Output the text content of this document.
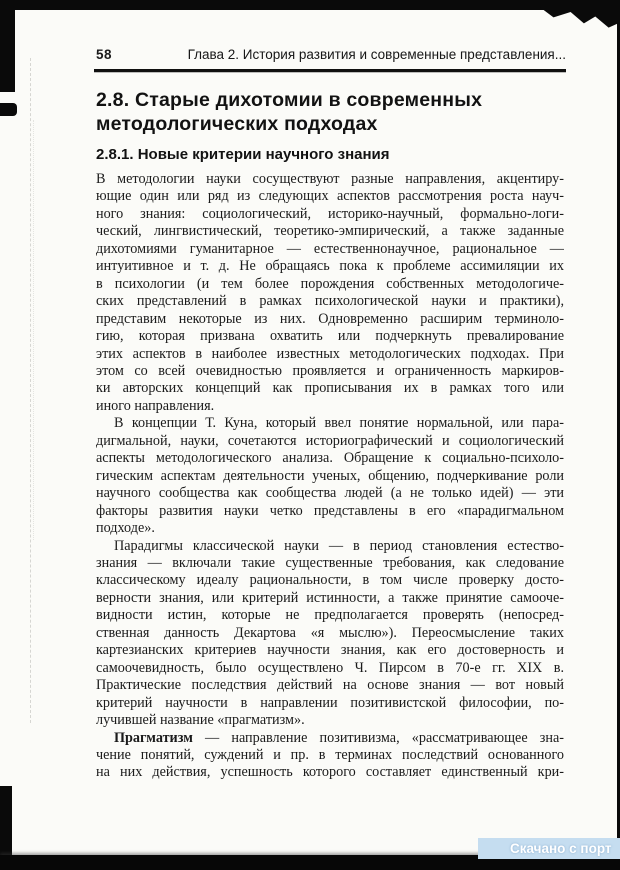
58	Глава 2. История развития и современные представления...
2.8. Старые дихотомии в современных
методологических подходах
2.8.1. Новые критерии научного знания
В методологии науки сосуществуют разные направления, акцентиру-
ющие один или ряд из следующих аспектов рассмотрения роста науч-
ного знания: социологический, историко-научный, формально-логи-
ческий, лингвистический, теоретико-эмпирический, а также заданные
дихотомиями гуманитарное — естественнонаучное, рациональное —
интуитивное и т. д. Не обращаясь пока к проблеме ассимиляции их
в психологии (и тем более порождения собственных методологиче-
ских представлений в рамках психологической науки и практики),
представим некоторые из них. Одновременно расширим терминоло-
гию, которая призвана охватить или подчеркнуть превалирование
этих аспектов в наиболее известных методологических подходах. При
этом со всей очевидностью проявляется и ограниченность маркиров-
ки авторских концепций как прописывания их в рамках того или
иного направления.
В концепции Т. Куна, который ввел понятие нормальной, или пара-
дигмальной, науки, сочетаются историографический и социологический
аспекты методологического анализа. Обращение к социально-психоло-
гическим аспектам деятельности ученых, общению, подчеркивание роли
научного сообщества как сообщества людей (а не только идей) — эти
факторы развития науки четко представлены в его «парадигмальном
подходе».
Парадигмы классической науки — в период становления естество-
знания — включали такие существенные требования, как следование
классическому идеалу рациональности, в том числе проверку досто-
верности знания, или критерий истинности, а также принятие самооче-
видности истин, которые не предполагается проверять (непосред-
ственная данность Декартова «я мыслю»). Переосмысление таких
картезианских критериев научности знания, как его достоверность и
самоочевидность, было осуществлено Ч. Пирсом в 70-е гг. XIX в.
Практические последствия действий на основе знания — вот новый
критерий научности в направлении позитивистской философии, по-
лучившей название «прагматизм».
Прагматизм — направление позитивизма, «рассматривающее зна-
чение понятий, суждений и пр. в терминах последствий основанного
на них действия, успешность которого составляет единственный кри-
Скачано с порт
